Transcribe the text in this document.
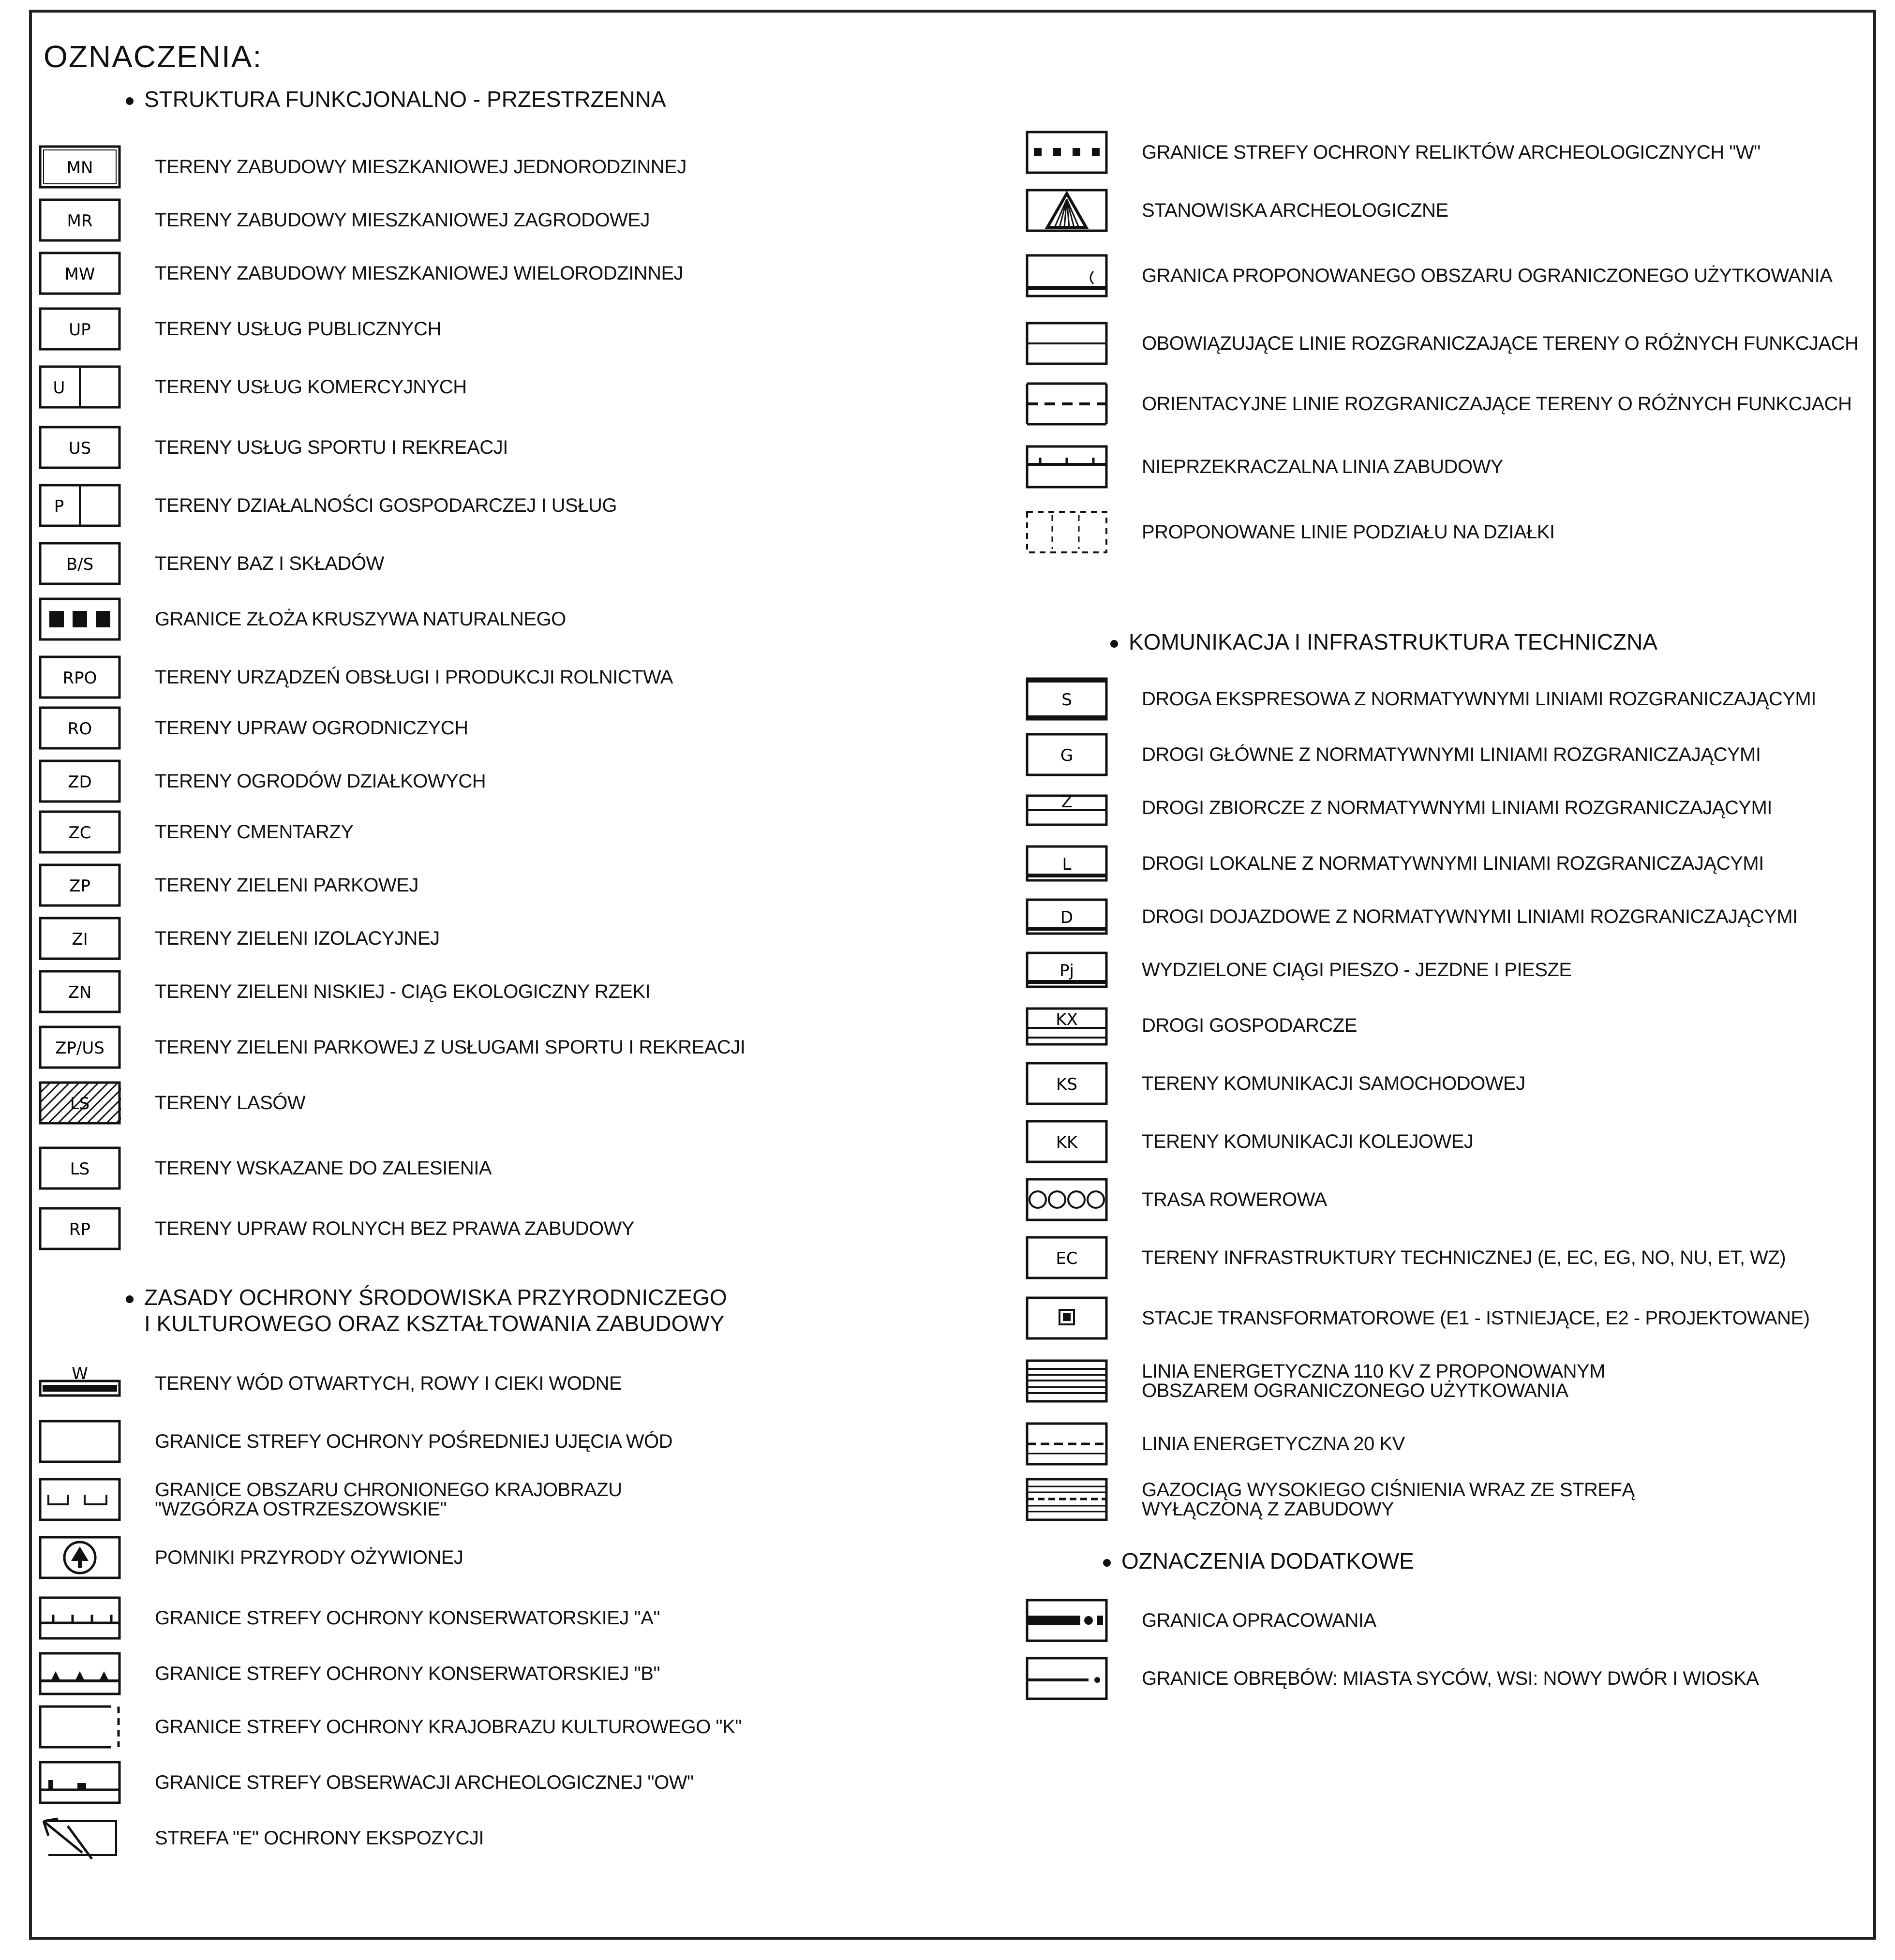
OZNACZENIA:
STRUKTURA FUNKCJONALNO - PRZESTRZENNA
ZASADY OCHRONY ŚRODOWISKA PRZYRODNICZEGO
I KULTUROWEGO ORAZ KSZTAŁTOWANIA ZABUDOWY
KOMUNIKACJA I INFRASTRUKTURA TECHNICZNA
OZNACZENIA DODATKOWE
MN	TERENY ZABUDOWY MIESZKANIOWEJ JEDNORODZINNEJ
MR	TERENY ZABUDOWY MIESZKANIOWEJ ZAGRODOWEJ
MW	TERENY ZABUDOWY MIESZKANIOWEJ WIELORODZINNEJ
UP	TERENY USŁUG PUBLICZNYCH
U	TERENY USŁUG KOMERCYJNYCH
US	TERENY USŁUG SPORTU I REKREACJI
P	TERENY DZIAŁALNOŚCI GOSPODARCZEJ I USŁUG
B/S	TERENY BAZ I SKŁADÓW
GRANICE ZŁOŻA KRUSZYWA NATURALNEGO
RPO	TERENY URZĄDZEŃ OBSŁUGI I PRODUKCJI ROLNICTWA
RO	TERENY UPRAW OGRODNICZYCH
ZD	TERENY OGRODÓW DZIAŁKOWYCH
ZC	TERENY CMENTARZY
ZP	TERENY ZIELENI PARKOWEJ
ZI	TERENY ZIELENI IZOLACYJNEJ
ZN	TERENY ZIELENI NISKIEJ - CIĄG EKOLOGICZNY RZEKI
ZP/US	TERENY ZIELENI PARKOWEJ Z USŁUGAMI SPORTU I REKREACJI
LS	TERENY LASÓW
LS	TERENY WSKAZANE DO ZALESIENIA
RP	TERENY UPRAW ROLNYCH BEZ PRAWA ZABUDOWY
W	TERENY WÓD OTWARTYCH, ROWY I CIEKI WODNE
GRANICE STREFY OCHRONY POŚREDNIEJ UJĘCIA WÓD
GRANICE OBSZARU CHRONIONEGO KRAJOBRAZU
"WZGÓRZA OSTRZESZOWSKIE"
POMNIKI PRZYRODY OŻYWIONEJ
GRANICE STREFY OCHRONY KONSERWATORSKIEJ "A"
GRANICE STREFY OCHRONY KONSERWATORSKIEJ "B"
GRANICE STREFY OCHRONY KRAJOBRAZU KULTUROWEGO "K"
GRANICE STREFY OBSERWACJI ARCHEOLOGICZNEJ "OW"
STREFA "E" OCHRONY EKSPOZYCJI
GRANICE STREFY OCHRONY RELIKTÓW ARCHEOLOGICZNYCH "W"
STANOWISKA ARCHEOLOGICZNE
GRANICA PROPONOWANEGO OBSZARU OGRANICZONEGO UŻYTKOWANIA
OBOWIĄZUJĄCE LINIE ROZGRANICZAJĄCE TERENY O RÓŻNYCH FUNKCJACH
ORIENTACYJNE LINIE ROZGRANICZAJĄCE TERENY O RÓŻNYCH FUNKCJACH
NIEPRZEKRACZALNA LINIA ZABUDOWY
PROPONOWANE LINIE PODZIAŁU NA DZIAŁKI
S	DROGA EKSPRESOWA Z NORMATYWNYMI LINIAMI ROZGRANICZAJĄCYMI
G	DROGI GŁÓWNE Z NORMATYWNYMI LINIAMI ROZGRANICZAJĄCYMI
Z	DROGI ZBIORCZE Z NORMATYWNYMI LINIAMI ROZGRANICZAJĄCYMI
L	DROGI LOKALNE Z NORMATYWNYMI LINIAMI ROZGRANICZAJĄCYMI
D	DROGI DOJAZDOWE Z NORMATYWNYMI LINIAMI ROZGRANICZAJĄCYMI
Pj	WYDZIELONE CIĄGI PIESZO - JEZDNE I PIESZE
KX	DROGI GOSPODARCZE
KS	TERENY KOMUNIKACJI SAMOCHODOWEJ
KK	TERENY KOMUNIKACJI KOLEJOWEJ
TRASA ROWEROWA
EC	TERENY INFRASTRUKTURY TECHNICZNEJ (E, EC, EG, NO, NU, ET, WZ)
STACJE TRANSFORMATOROWE (E1 - ISTNIEJĄCE, E2 - PROJEKTOWANE)
LINIA ENERGETYCZNA 110 KV Z PROPONOWANYM
OBSZAREM OGRANICZONEGO UŻYTKOWANIA
LINIA ENERGETYCZNA 20 KV
GAZOCIĄG WYSOKIEGO CIŚNIENIA WRAZ ZE STREFĄ
WYŁĄCZONĄ Z ZABUDOWY
GRANICA OPRACOWANIA
GRANICE OBRĘBÓW: MIASTA SYCÓW, WSI: NOWY DWÓR I WIOSKA
